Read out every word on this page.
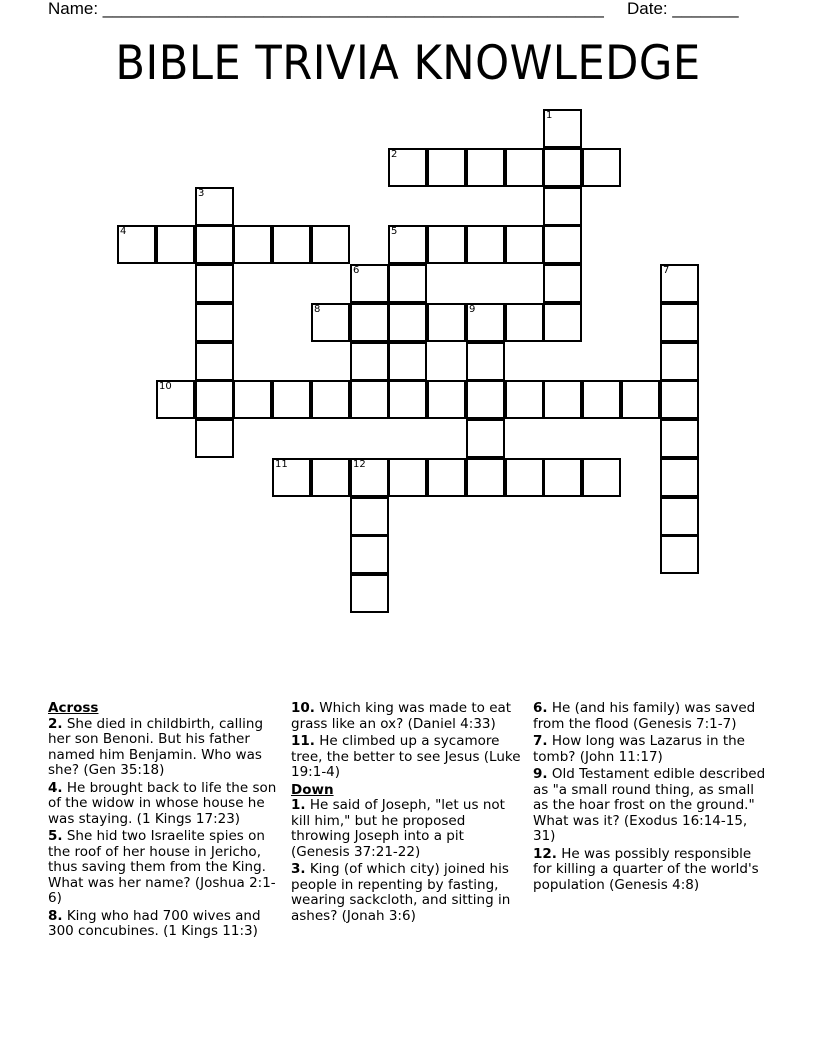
Name: _____________________________________________________ Date: _______
BIBLE TRIVIA KNOWLEDGE
1
2
3
4	5
6	7
8	9
10
11	12
Across
2. She died in childbirth, calling her son Benoni. But his father named him Benjamin. Who was she? (Gen 35:18)
4. He brought back to life the son of the widow in whose house he was staying. (1 Kings 17:23)
5. She hid two Israelite spies on the roof of her house in Jericho, thus saving them from the King. What was her name? (Joshua 2:1-6)
8. King who had 700 wives and 300 concubines. (1 Kings 11:3)
10. Which king was made to eat grass like an ox? (Daniel 4:33)
11. He climbed up a sycamore tree, the better to see Jesus (Luke 19:1-4)
Down
1. He said of Joseph, "let us not kill him," but he proposed throwing Joseph into a pit (Genesis 37:21-22)
3. King (of which city) joined his people in repenting by fasting, wearing sackcloth, and sitting in ashes? (Jonah 3:6)
6. He (and his family) was saved from the flood (Genesis 7:1-7)
7. How long was Lazarus in the tomb? (John 11:17)
9. Old Testament edible described as "a small round thing, as small as the hoar frost on the ground." What was it? (Exodus 16:14-15, 31)
12. He was possibly responsible for killing a quarter of the world's population (Genesis 4:8)
